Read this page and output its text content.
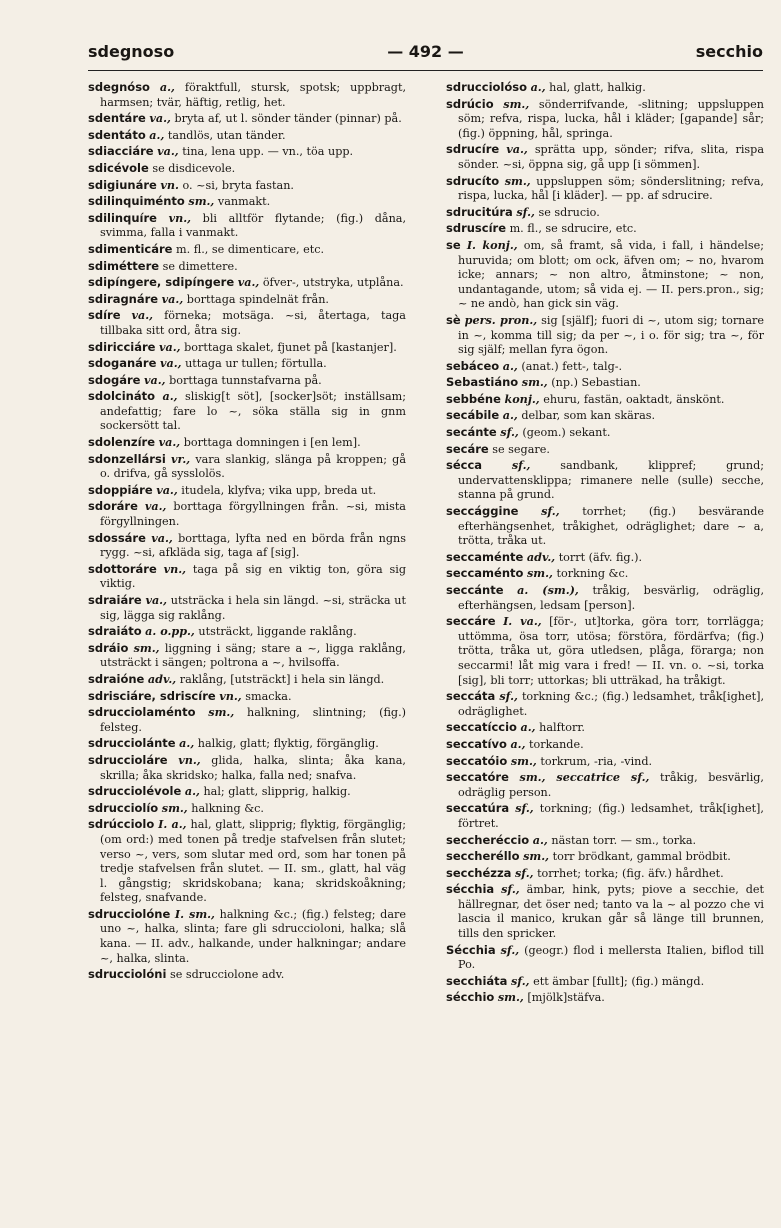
sdegnoso	— 492 —	secchio
sdegnóso a., föraktfull, stursk, spotsk; uppbragt, harmsen; tvär, häftig, retlig, het.
sdentáre va., bryta af, ut l. sönder tänder (pinnar) på.
sdentáto a., tandlös, utan tänder.
sdiacciáre va., tina, lena upp. — vn., töa upp.
sdicévole se disdicevole.
sdigiunáre vn. o. ~si, bryta fastan.
sdilinquiménto sm., vanmakt.
sdilinquíre vn., bli alltför flytande; (fig.) dåna, svimma, falla i vanmakt.
sdimenticáre m. fl., se dimenticare, etc.
sdiméttere se dimettere.
sdipíngere, sdipíngere va., öfver-, utstryka, utplåna.
sdiragnáre va., borttaga spindelnät från.
sdíre va., förneka; motsäga. ~si, återtaga, taga tillbaka sitt ord, åtra sig.
sdiricciáre va., borttaga skalet, fjunet på [kastanjer].
sdoganáre va., uttaga ur tullen; förtulla.
sdogáre va., borttaga tunnstafvarna på.
sdolcináto a., sliskig[t söt], [socker]söt; inställsam; andefattig; fare lo ~, söka ställa sig in gnm sockersött tal.
sdolenzíre va., borttaga domningen i [en lem].
sdonzellársi vr., vara slankig, slänga på kroppen; gå o. drifva, gå sysslolös.
sdoppiáre va., itudela, klyfva; vika upp, breda ut.
sdoráre va., borttaga förgyllningen från. ~si, mista förgyllningen.
sdossáre va., borttaga, lyfta ned en börda från ngns rygg. ~si, afkläda sig, taga af [sig].
sdottoráre vn., taga på sig en viktig ton, göra sig viktig.
sdraiáre va., utsträcka i hela sin längd. ~si, sträcka ut sig, lägga sig raklång.
sdraiáto a. o.pp., utsträckt, liggande raklång.
sdráio sm., liggning i säng; stare a ~, ligga raklång, utsträckt i sängen; poltrona a ~, hvilsoffa.
sdraióne adv., raklång, [utsträckt] i hela sin längd.
sdrisciáre, sdriscíre vn., smacka.
sdrucciolaménto sm., halkning, slintning; (fig.) felsteg.
sdrucciolánte a., halkig, glatt; flyktig, förgänglig.
sdruccioláre vn., glida, halka, slinta; åka kana, skrilla; åka skridsko; halka, falla ned; snafva.
sdrucciolévole a., hal; glatt, slipprig, halkig.
sdrucciolío sm., halkning &c.
sdrúcciolo I. a., hal, glatt, slipprig; flyktig, förgänglig; (om ord:) med tonen på tredje stafvelsen från slutet; verso ~, vers, som slutar med ord, som har tonen på tredje stafvelsen från slutet. — II. sm., glatt, hal väg l. gångstig; skridskobana; kana; skridskoåkning; felsteg, snafvande.
sdrucciolóne I. sm., halkning &c.; (fig.) felsteg; dare uno ~, halka, slinta; fare gli sdruccioloni, halka; slå kana. — II. adv., halkande, under halkningar; andare ~, halka, slinta.
sdrucciolóni se sdrucciolone adv.
sdrucciolóso a., hal, glatt, halkig.
sdrúcio sm., sönderrifvande, -slitning; uppsluppen söm; refva, rispa, lucka, hål i kläder; [gapande] sår; (fig.) öppning, hål, springa.
sdrucíre va., sprätta upp, sönder; rifva, slita, rispa sönder. ~si, öppna sig, gå upp [i sömmen].
sdrucíto sm., uppsluppen söm; sönderslitning; refva, rispa, lucka, hål [i kläder]. — pp. af sdrucire.
sdrucitúra sf., se sdrucio.
sdruscíre m. fl., se sdrucire, etc.
se I. konj., om, så framt, så vida, i fall, i händelse; huruvida; om blott; om ock, äfven om; ~ no, hvarom icke; annars; ~ non altro, åtminstone; ~ non, undantagande, utom; så vida ej. — II. pers.pron., sig; ~ ne andò, han gick sin väg.
sè pers. pron., sig [själf]; fuori di ~, utom sig; tornare in ~, komma till sig; da per ~, i o. för sig; tra ~, för sig själf; mellan fyra ögon.
sebáceo a., (anat.) fett-, talg-.
Sebastiáno sm., (np.) Sebastian.
sebbéne konj., ehuru, fastän, oaktadt, änskönt.
secábile a., delbar, som kan skäras.
secánte sf., (geom.) sekant.
secáre se segare.
sécca	sf.,	sandbank, klippref; grund; undervattensklippa; rimanere nelle (sulle) secche, stanna på grund.
seccággine sf., torrhet; (fig.) besvärande efterhängsenhet, tråkighet, odräglighet; dare ~ a, trötta, tråka ut.
seccaménte adv., torrt (äfv. fig.).
seccaménto sm., torkning &c.
seccánte a. (sm.), tråkig, besvärlig, odräglig, efterhängsen, ledsam [person].
seccáre I. va., [för-, ut]torka, göra torr, torrlägga; uttömma, ösa torr, utösa; förstöra, fördärfva; (fig.) trötta, tråka ut, göra utledsen, plåga, förarga; non seccarmi! låt mig vara i fred! — II. vn. o. ~si, torka [sig], bli torr; uttorkas; bli utträkad, ha tråkigt.
seccáta sf., torkning &c.; (fig.) ledsamhet, tråk[ighet], odräglighet.
seccatíccio a., halftorr.
seccatívo a., torkande.
seccatóio sm., torkrum, -ria, -vind.
seccatóre sm., seccatrice sf., tråkig, besvärlig, odräglig person.
seccatúra sf., torkning; (fig.) ledsamhet, tråk[ighet], förtret.
seccheréccio a., nästan torr. — sm., torka.
seccheréllo sm., torr brödkant, gammal brödbit.
secchézza sf., torrhet; torka; (fig. äfv.) hårdhet.
sécchia sf., ämbar, hink, pyts; piove a secchie, det hällregnar, det öser ned; tanto va la ~ al pozzo che vi lascia il manico, krukan går så länge till brunnen, tills den spricker.
Sécchia sf., (geogr.) flod i mellersta Italien, biflod till Po.
secchiáta sf., ett ämbar [fullt]; (fig.) mängd.
sécchio sm., [mjölk]stäfva.
